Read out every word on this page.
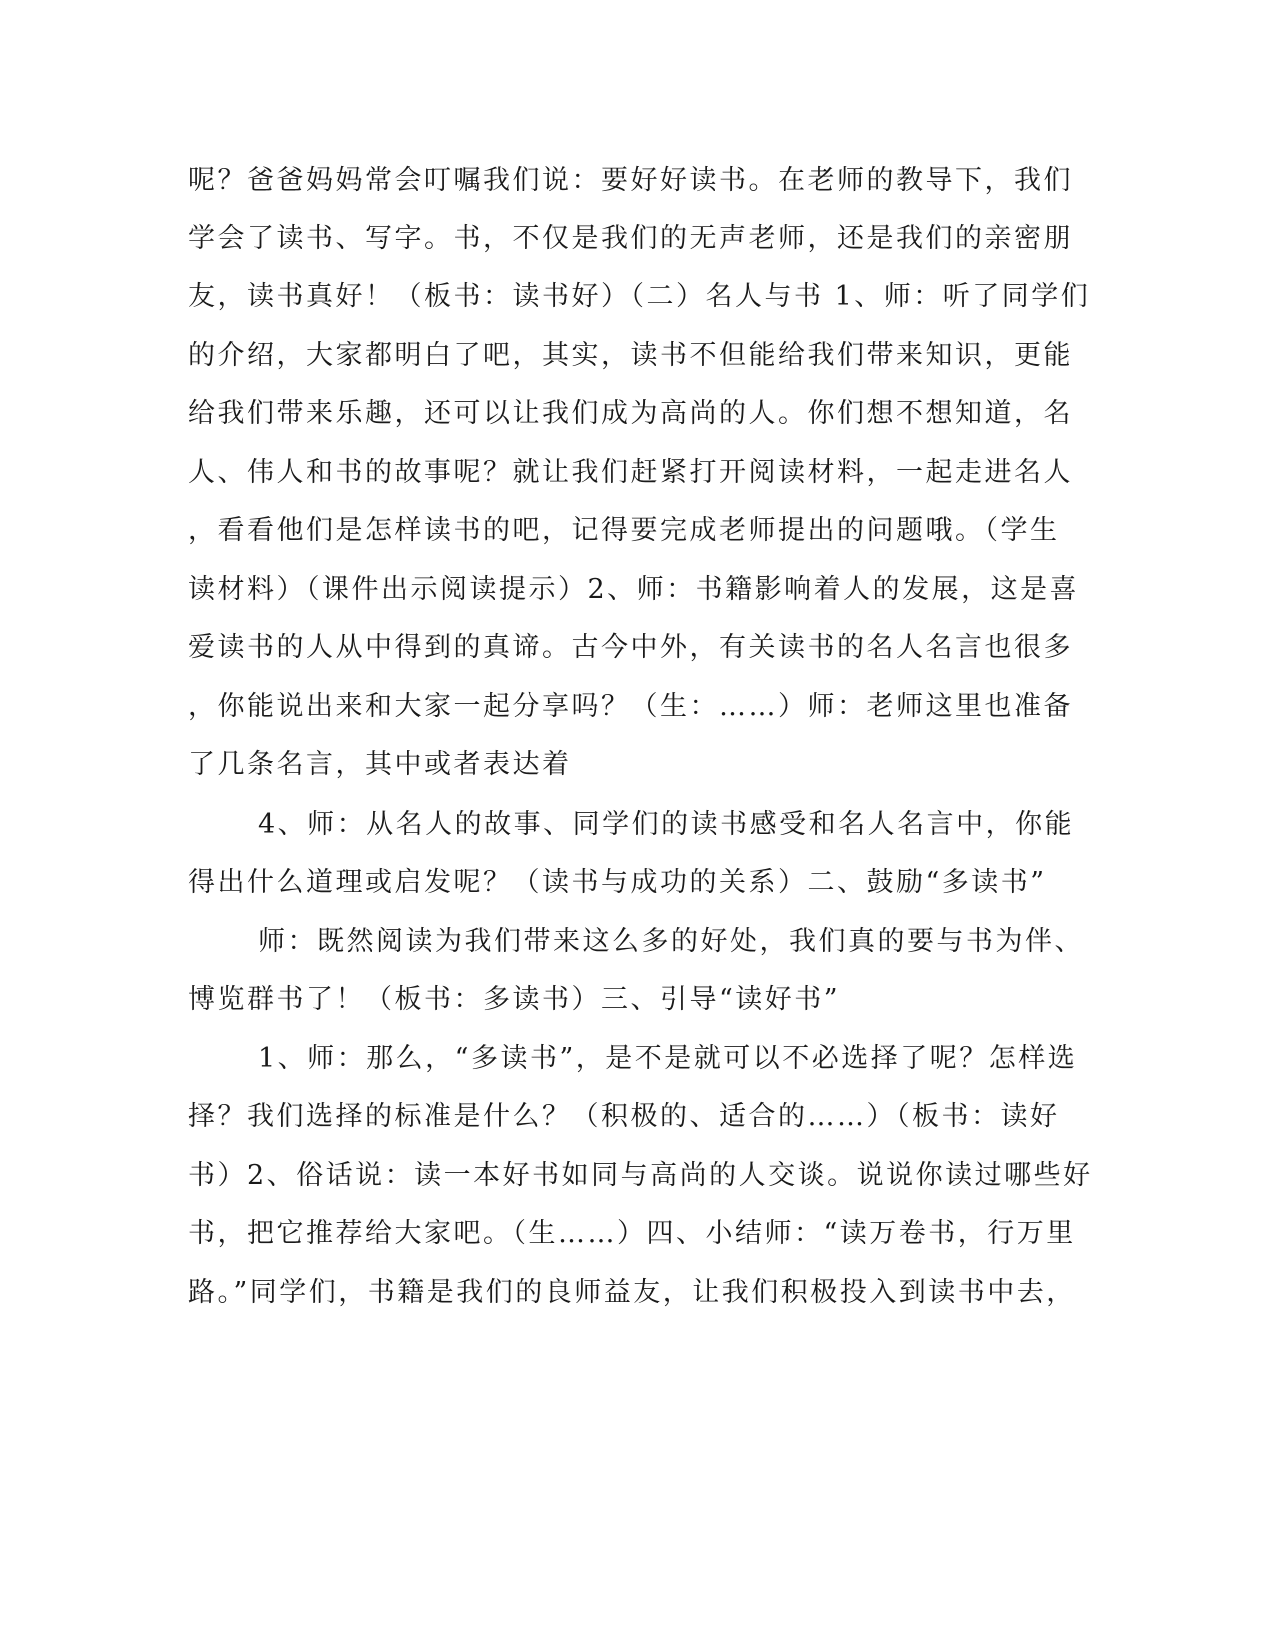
呢？爸爸妈妈常会叮嘱我们说：要好好读书。在老师的教导下，我们
学会了读书、写字。书，不仅是我们的无声老师，还是我们的亲密朋
友，读书真好！（板书：读书好）（二）名人与书 1、师：听了同学们
的介绍，大家都明白了吧，其实，读书不但能给我们带来知识，更能
给我们带来乐趣，还可以让我们成为高尚的人。你们想不想知道，名
人、伟人和书的故事呢？就让我们赶紧打开阅读材料，一起走进名人
，看看他们是怎样读书的吧，记得要完成老师提出的问题哦。（学生
读材料）（课件出示阅读提示）2、师：书籍影响着人的发展，这是喜
爱读书的人从中得到的真谛。古今中外，有关读书的名人名言也很多
，你能说出来和大家一起分享吗？（生：……）师：老师这里也准备
了几条名言，其中或者表达着
4、师：从名人的故事、同学们的读书感受和名人名言中，你能
得出什么道理或启发呢？（读书与成功的关系）二、鼓励“多读书”
师：既然阅读为我们带来这么多的好处，我们真的要与书为伴、
博览群书了！（板书：多读书）三、引导“读好书”
1、师：那么，“多读书”，是不是就可以不必选择了呢？怎样选
择？我们选择的标准是什么？（积极的、适合的……）（板书：读好
书）2、俗话说：读一本好书如同与高尚的人交谈。说说你读过哪些好
书，把它推荐给大家吧。（生……）四、小结师：“读万卷书，行万里
路。”同学们，书籍是我们的良师益友，让我们积极投入到读书中去，
